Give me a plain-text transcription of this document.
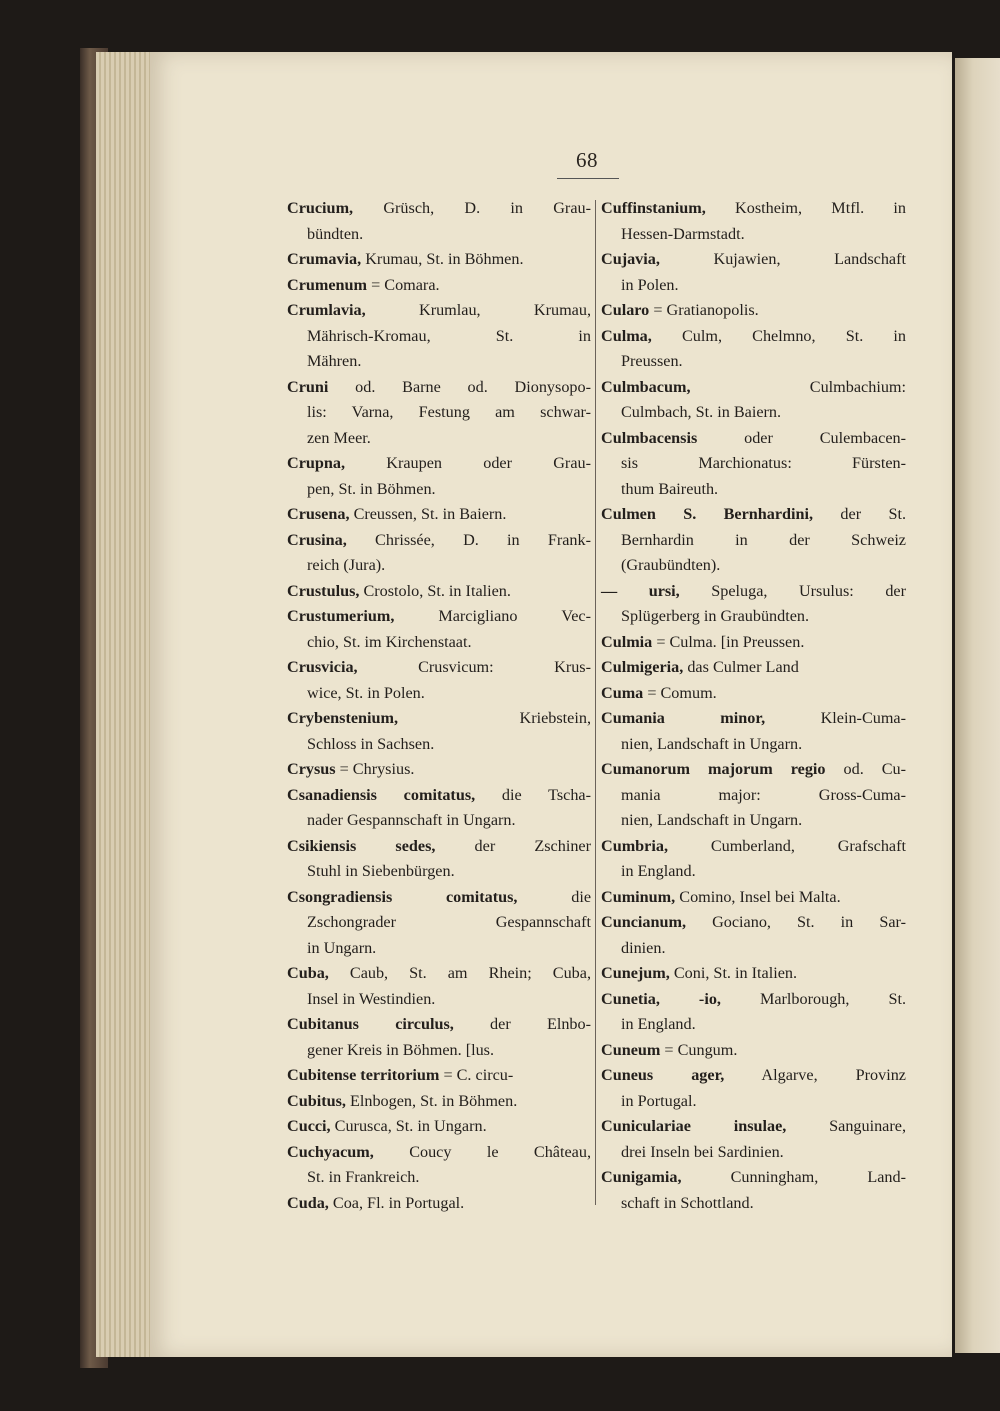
68
Crucium, Grüsch, D. in Grau-
bündten.
Crumavia, Krumau, St. in Böhmen.
Crumenum = Comara.
Crumlavia, Krumlau, Krumau,
Mährisch-Kromau, St. in
Mähren.
Cruni od. Barne od. Dionysopo-
lis: Varna, Festung am schwar-
zen Meer.
Crupna, Kraupen oder Grau-
pen, St. in Böhmen.
Crusena, Creussen, St. in Baiern.
Crusina, Chrissée, D. in Frank-
reich (Jura).
Crustulus, Crostolo, St. in Italien.
Crustumerium, Marciglianо Vec-
chio, St. im Kirchenstaat.
Crusvicia, Crusvicum: Krus-
wice, St. in Polen.
Crybenstenium, Kriebstein,
Schloss in Sachsen.
Crysus = Chrysius.
Csanadiensis comitatus, die Tscha-
nader Gespannschaft in Ungarn.
Csikiensis sedes, der Zschiner
Stuhl in Siebenbürgen.
Csongradiensis comitatus, die
Zschongrader Gespannschaft
in Ungarn.
Cuba, Caub, St. am Rhein; Cuba,
Insel in Westindien.
Cubitanus circulus, der Elnbo-
gener Kreis in Böhmen. [lus.
Cubitense territorium = C. circu-
Cubitus, Elnbogen, St. in Böhmen.
Cucci, Curusca, St. in Ungarn.
Cuchyacum, Coucy le Château,
St. in Frankreich.
Cuda, Coa, Fl. in Portugal.
Cuffinstanium, Kostheim, Mtfl. in
Hessen-Darmstadt.
Cujavia, Kujawien, Landschaft
in Polen.
Cularo = Gratianopolis.
Culma, Culm, Chelmno, St. in
Preussen.
Culmbacum, Culmbachium:
Culmbach, St. in Baiern.
Culmbacensis oder Culembacen-
sis Marchionatus: Fürsten-
thum Baireuth.
Culmen S. Bernhardini, der St.
Bernhardin in der Schweiz
(Graubündten).
— ursi, Speluga, Ursulus: der
Splügerberg in Graubündten.
Culmia = Culma. [in Preussen.
Culmigeria, das Culmer Land
Cuma = Comum.
Cumania minor, Klein-Cuma-
nien, Landschaft in Ungarn.
Cumanorum majorum regio od. Cu-
mania major: Gross-Cuma-
nien, Landschaft in Ungarn.
Cumbria, Cumberland, Grafschaft
in England.
Cuminum, Comino, Insel bei Malta.
Cuncianum, Gociano, St. in Sar-
dinien.
Cunejum, Coni, St. in Italien.
Cunetia, -io, Marlborough, St.
in England.
Cuneum = Cungum.
Cuneus ager, Algarve, Provinz
in Portugal.
Cunicularіae insulae, Sanguinare,
drei Inseln bei Sardinien.
Cunigamia, Cunningham, Land-
schaft in Schottland.
